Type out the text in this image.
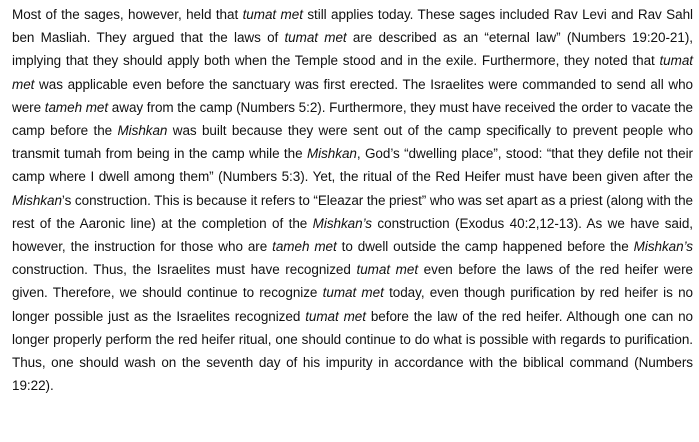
Most of the sages, however, held that tumat met still applies today. These sages included Rav Levi and Rav Sahl ben Masliah. They argued that the laws of tumat met are described as an “eternal law” (Numbers 19:20-21), implying that they should apply both when the Temple stood and in the exile. Furthermore, they noted that tumat met was applicable even before the sanctuary was first erected. The Israelites were commanded to send all who were tameh met away from the camp (Numbers 5:2). Furthermore, they must have received the order to vacate the camp before the Mishkan was built because they were sent out of the camp specifically to prevent people who transmit tumah from being in the camp while the Mishkan, God’s “dwelling place”, stood: “that they defile not their camp where I dwell among them” (Numbers 5:3). Yet, the ritual of the Red Heifer must have been given after the Mishkan’s construction. This is because it refers to “Eleazar the priest” who was set apart as a priest (along with the rest of the Aaronic line) at the completion of the Mishkan’s construction (Exodus 40:2,12-13). As we have said, however, the instruction for those who are tameh met to dwell outside the camp happened before the Mishkan’s construction. Thus, the Israelites must have recognized tumat met even before the laws of the red heifer were given. Therefore, we should continue to recognize tumat met today, even though purification by red heifer is no longer possible just as the Israelites recognized tumat met before the law of the red heifer. Although one can no longer properly perform the red heifer ritual, one should continue to do what is possible with regards to purification. Thus, one should wash on the seventh day of his impurity in accordance with the biblical command (Numbers 19:22).
